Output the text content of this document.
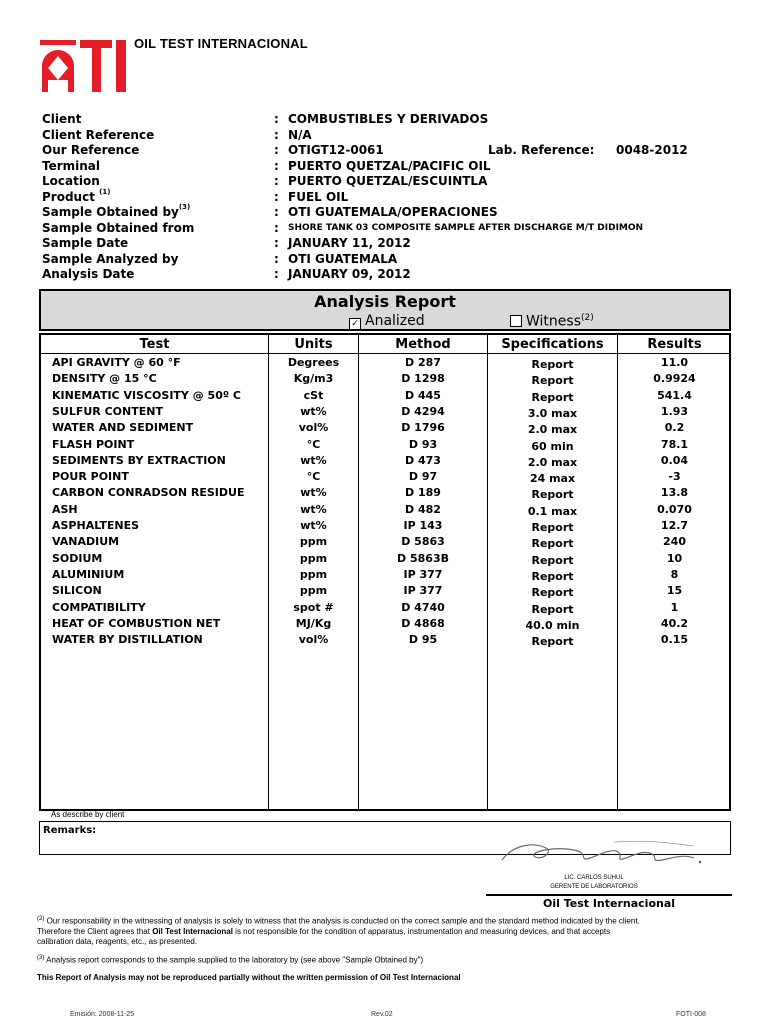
OIL TEST INTERNACIONAL
Client	: COMBUSTIBLES Y DERIVADOS
Client Reference	: N/A
Our Reference	: OTIGT12-0061	Lab. Reference: 0048-2012
Terminal	: PUERTO QUETZAL/PACIFIC OIL
Location	: PUERTO QUETZAL/ESCUINTLA
Product $^{(1)}$	: FUEL OIL
Sample Obtained $by^{(3)}$	: OTI GUATEMALA/OPERACIONES
Sample Obtained from	: SHORE TANK 03 COMPOSITE SAMPLE AFTER DISCHARGE M/T DIDIMON
Sample Date	: JANUARY 11, 2012
Sample Analyzed by	: OTI GUATEMALA
Analysis Date	: JANUARY 09, 2012
Analysis Report
✓ Analized	Witness$^{(2)}$
Test	Units	Method	Specifications	Results
API GRAVITY @ 60 °F	Degrees	D 287	Report	11.0
DENSITY @ 15 °C	Kg/m3	D 1298	Report	0.9924
KINEMATIC VISCOSITY @ 50º C	cSt	D 445	Report	541.4
SULFUR CONTENT	wt%	D 4294	3.0 max	1.93
WATER AND SEDIMENT	vol%	D 1796	2.0 max	0.2
FLASH POINT	°C	D 93	60 min	78.1
SEDIMENTS BY EXTRACTION	wt%	D 473	2.0 max	0.04
POUR POINT	°C	D 97	24 max	-3
CARBON CONRADSON RESIDUE	wt%	D 189	Report	13.8
ASH	wt%	D 482	0.1 max	0.070
ASPHALTENES	wt%	IP 143	Report	12.7
VANADIUM	ppm	D 5863	Report	240
SODIUM	ppm	D 5863B	Report	10
ALUMINIUM	ppm	IP 377	Report	8
SILICON	ppm	IP 377	Report	15
COMPATIBILITY	spot #	D 4740	Report	1
HEAT OF COMBUSTION NET	MJ/Kg	D 4868	40.0 min	40.2
WATER BY DISTILLATION	vol%	D 95	Report	0.15
As describe by client
Remarks:
LIC. CARLOS SUHUL
GERENTE DE LABORATORIOS
Oil Test Internacional
$^{(2)}$ Our responsability in the witnessing of analysis is solely to witness that the analysis is conducted on the correct sample and the standard method indicated by the client.
Therefore the Client agrees that Oil Test Internacional is not responsible for the condition of apparatus, instrumentation and measuring devices, and that accepts
calibration data, reagents, etc., as presented.
$^{(3)}$ Analysis report corresponds to the sample supplied to the laboratory by (see above "Sample Obtained by")
This Report of Analysis may not be reproduced partially without the written permission of Oil Test Internacional
Emisión: 2008-11-25	Rev.02	FOTI-008
